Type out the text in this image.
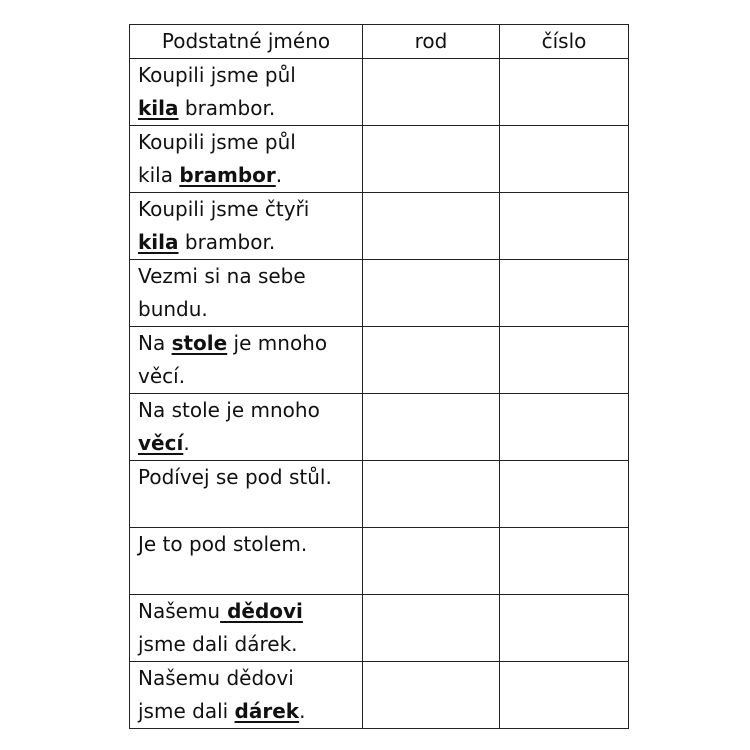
Podstatné jméno	rod	číslo

Koupili jsme půl
kila brambor.		

Koupili jsme půl
kila brambor.		

Koupili jsme čtyři
kila brambor.		

Vezmi si na sebe
bundu.		

Na stole je mnoho
věcí.		

Na stole je mnoho
věcí.		

Podívej se pod stůl.		

Je to pod stolem.		

Našemu dědovi
jsme dali dárek.		

Našemu dědovi
jsme dali dárek.		
